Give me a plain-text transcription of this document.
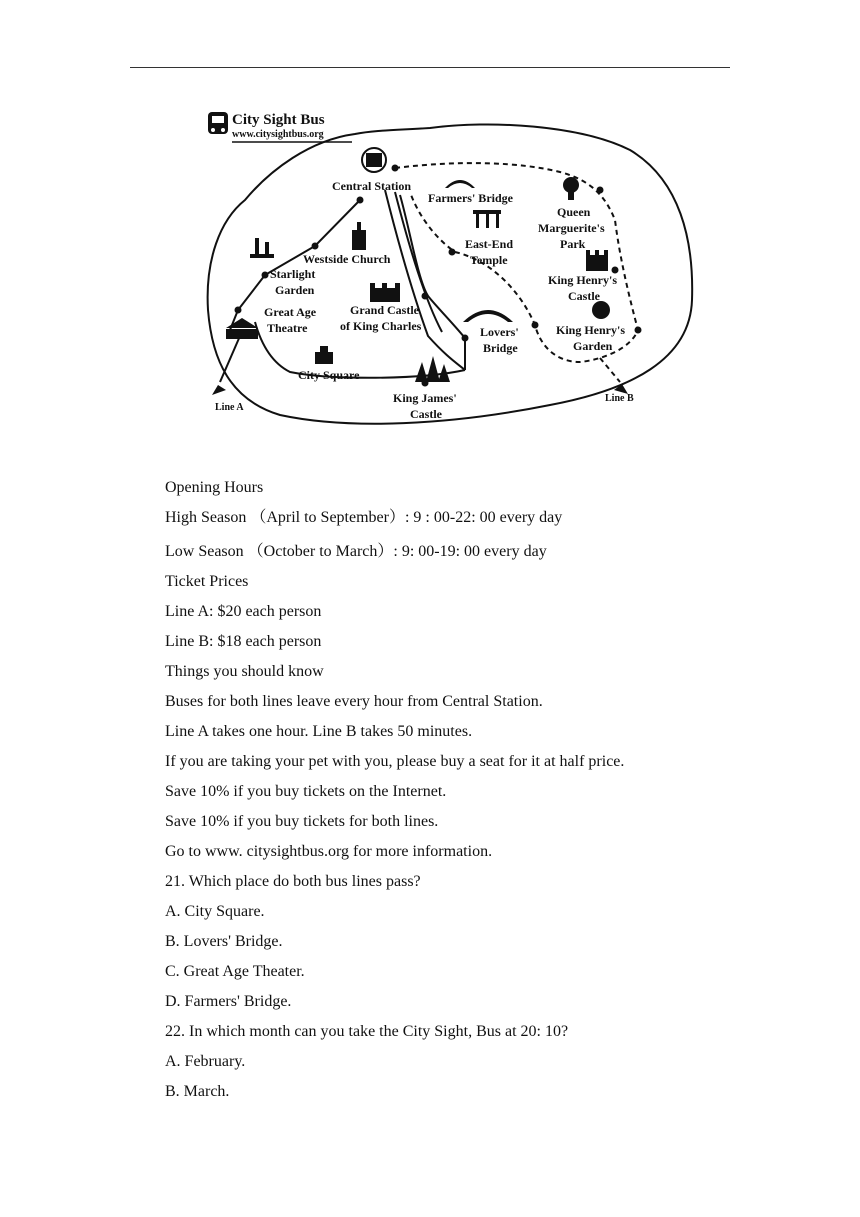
City Sight Bus
www.citysightbus.org
Central Station
Farmers' Bridge
Queen
Marguerite's
Park
East-End
Temple
Westside Church
Starlight
Garden
King Henry's
Castle
Great Age
Theatre
Grand Castle
of King Charles	Lovers'
Bridge
King Henry's
Garden
City Square
King James'
Castle
Line A
Line B
Opening Hours
High Season （April to September）: 9 : 00-22: 00 every day
Low Season （October to March）: 9: 00-19: 00 every day
Ticket Prices
Line A: $20 each person
Line B: $18 each person
Things you should know
Buses for both lines leave every hour from Central Station.
Line A takes one hour. Line B takes 50 minutes.
If you are taking your pet with you, please buy a seat for it at half price.
Save 10% if you buy tickets on the Internet.
Save 10% if you buy tickets for both lines.
Go to www. citysightbus.org for more information.
21. Which place do both bus lines pass?
A. City Square.
B. Lovers' Bridge.
C. Great Age Theater.
D. Farmers' Bridge.
22. In which month can you take the City Sight, Bus at 20: 10?
A. February.
B. March.
